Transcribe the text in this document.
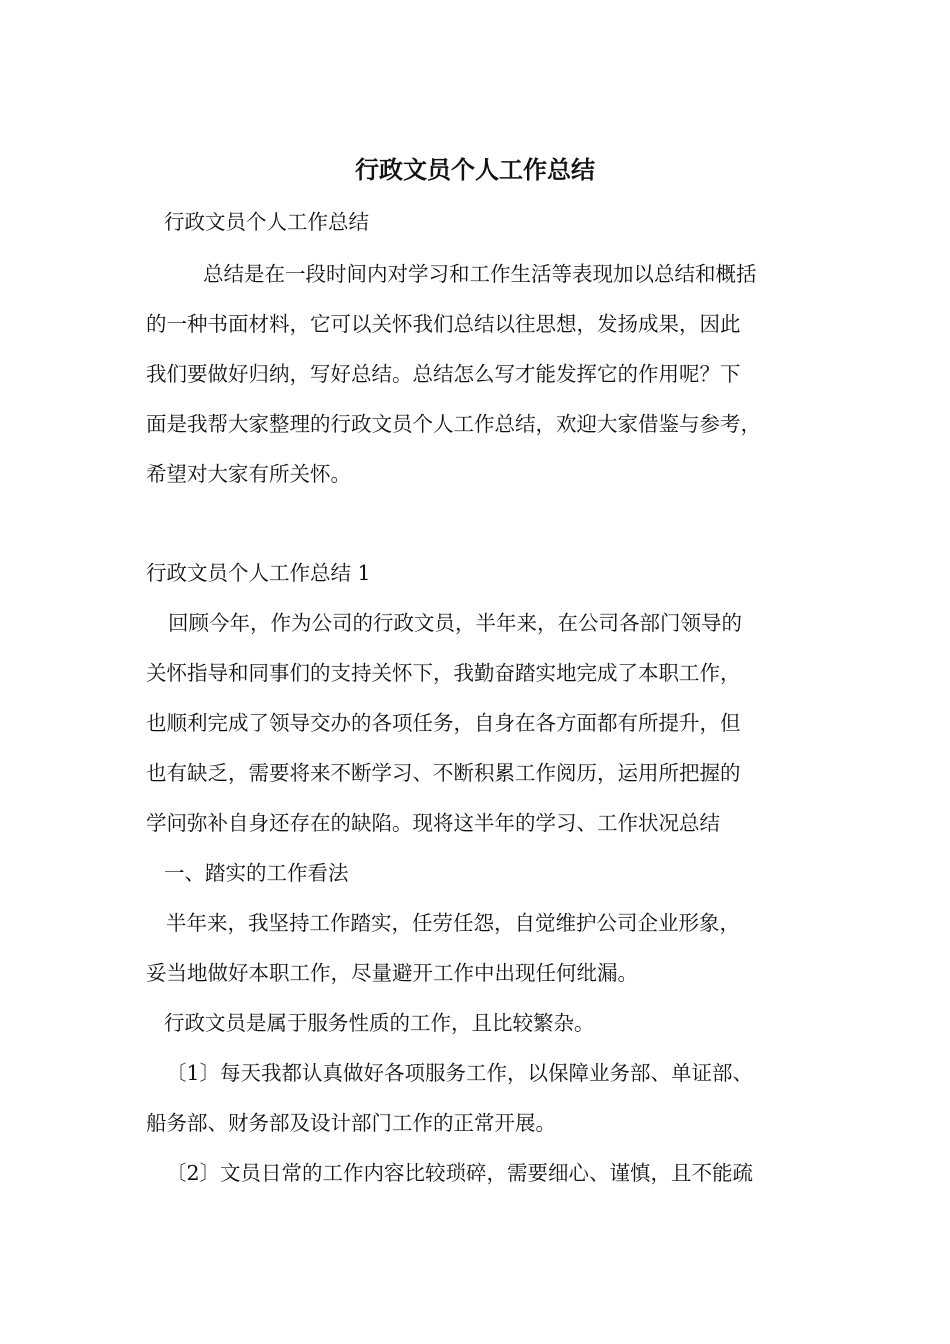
行政文员个人工作总结
行政文员个人工作总结
总结是在一段时间内对学习和工作生活等表现加以总结和概括
的一种书面材料，它可以关怀我们总结以往思想，发扬成果，因此
我们要做好归纳，写好总结。总结怎么写才能发挥它的作用呢？下
面是我帮大家整理的行政文员个人工作总结，欢迎大家借鉴与参考，
希望对大家有所关怀。
行政文员个人工作总结 1
回顾今年，作为公司的行政文员，半年来，在公司各部门领导的
关怀指导和同事们的支持关怀下，我勤奋踏实地完成了本职工作，
也顺利完成了领导交办的各项任务，自身在各方面都有所提升，但
也有缺乏，需要将来不断学习、不断积累工作阅历，运用所把握的
学问弥补自身还存在的缺陷。现将这半年的学习、工作状况总结
一、踏实的工作看法
半年来，我坚持工作踏实，任劳任怨，自觉维护公司企业形象，
妥当地做好本职工作，尽量避开工作中出现任何纰漏。
行政文员是属于服务性质的工作，且比较繁杂。
〔1〕每天我都认真做好各项服务工作，以保障业务部、单证部、
船务部、财务部及设计部门工作的正常开展。
〔2〕文员日常的工作内容比较琐碎，需要细心、谨慎，且不能疏
